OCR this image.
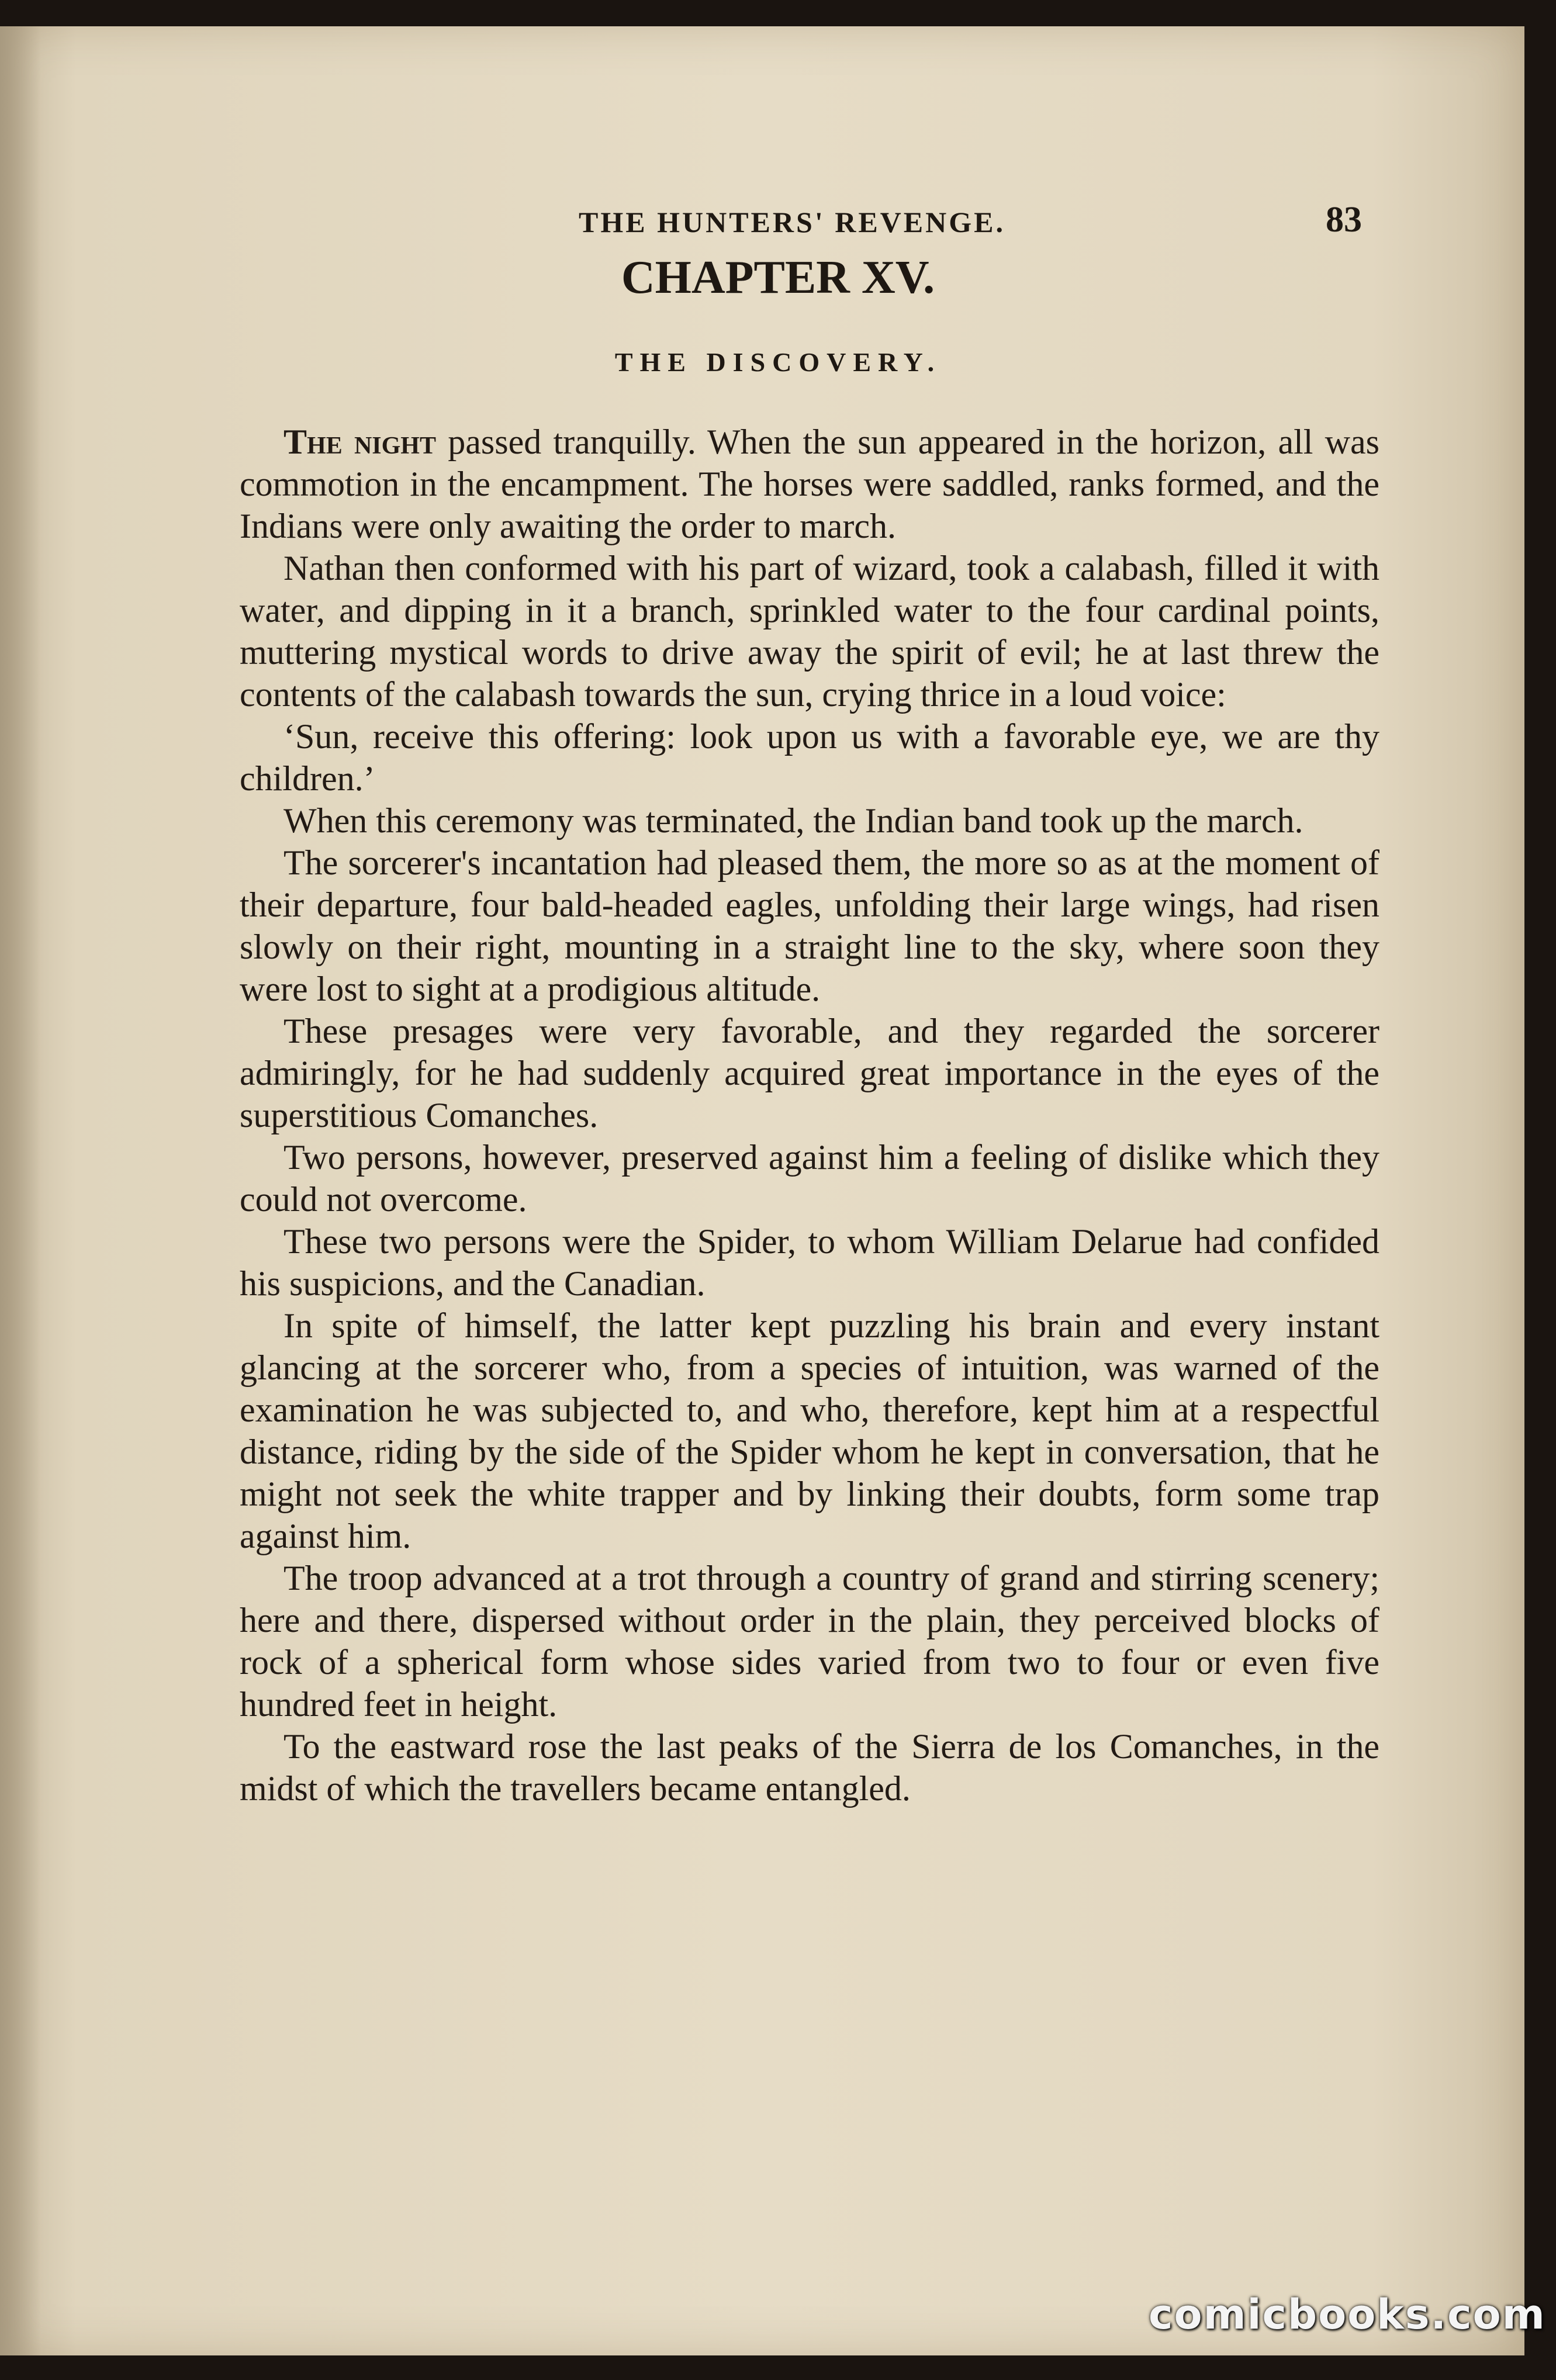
THE HUNTERS' REVENGE.	83
CHAPTER XV.
THE DISCOVERY.

The night passed tranquilly. When the sun appeared in the horizon, all was commotion in the encampment. The horses were saddled, ranks formed, and the Indians were only awaiting the order to march.

Nathan then conformed with his part of wizard, took a calabash, filled it with water, and dipping in it a branch, sprinkled water to the four cardinal points, muttering mystical words to drive away the spirit of evil; he at last threw the contents of the calabash towards the sun, crying thrice in a loud voice:

‘Sun, receive this offering: look upon us with a favorable eye, we are thy children.’

When this ceremony was terminated, the Indian band took up the march.

The sorcerer's incantation had pleased them, the more so as at the moment of their departure, four bald-headed eagles, unfolding their large wings, had risen slowly on their right, mounting in a straight line to the sky, where soon they were lost to sight at a prodigious altitude.

These presages were very favorable, and they regarded the sorcerer admiringly, for he had suddenly acquired great importance in the eyes of the superstitious Comanches.

Two persons, however, preserved against him a feeling of dislike which they could not overcome.

These two persons were the Spider, to whom William Delarue had confided his suspicions, and the Canadian.

In spite of himself, the latter kept puzzling his brain and every instant glancing at the sorcerer who, from a species of intuition, was warned of the examination he was subjected to, and who, therefore, kept him at a respectful distance, riding by the side of the Spider whom he kept in conversation, that he might not seek the white trapper and by linking their doubts, form some trap against him.

The troop advanced at a trot through a country of grand and stirring scenery; here and there, dispersed without order in the plain, they perceived blocks of rock of a spherical form whose sides varied from two to four or even five hundred feet in height.

To the eastward rose the last peaks of the Sierra de los Comanches, in the midst of which the travellers became entangled.

comicbooks.com
